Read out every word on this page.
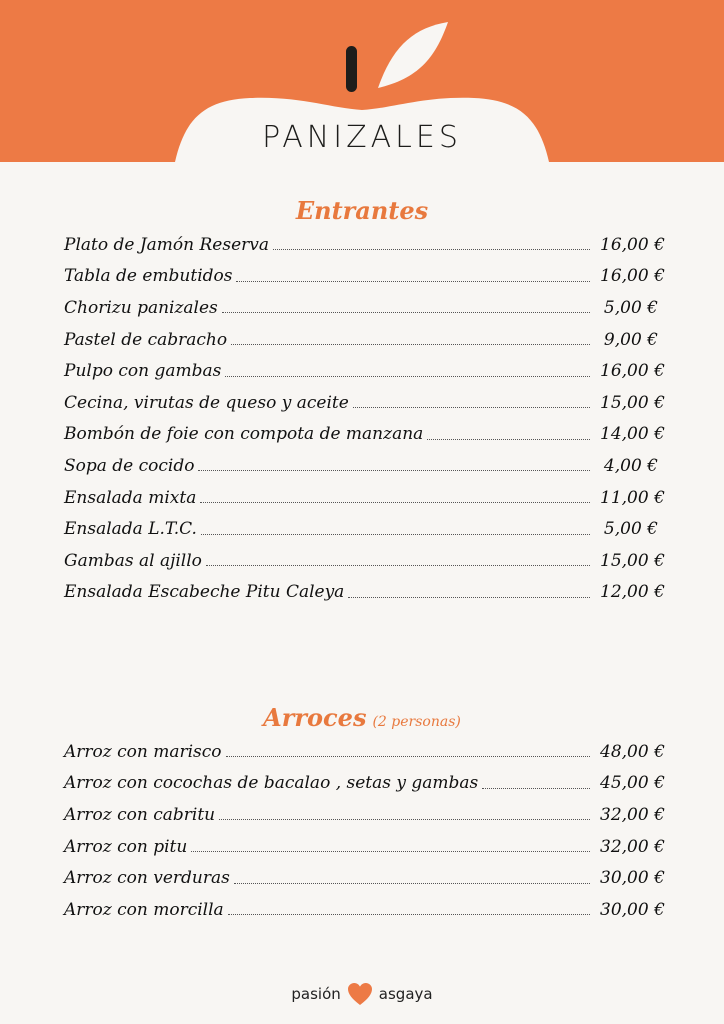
PANIZALES
Entrantes
Plato de Jamón Reserva	16,00 €
Tabla de embutidos	16,00 €
Chorizu panizales	5,00 €
Pastel de cabracho	9,00 €
Pulpo con gambas	16,00 €
Cecina, virutas de queso y aceite	15,00 €
Bombón de foie con compota de manzana	14,00 €
Sopa de cocido	4,00 €
Ensalada mixta	11,00 €
Ensalada L.T.C.	5,00 €
Gambas al ajillo	15,00 €
Ensalada Escabeche Pitu Caleya	12,00 €
Arroces (2 personas)
Arroz con marisco	48,00 €
Arroz con cocochas de bacalao , setas y gambas	45,00 €
Arroz con cabritu	32,00 €
Arroz con pitu	32,00 €
Arroz con verduras	30,00 €
Arroz con morcilla	30,00 €
pasión	asgaya
